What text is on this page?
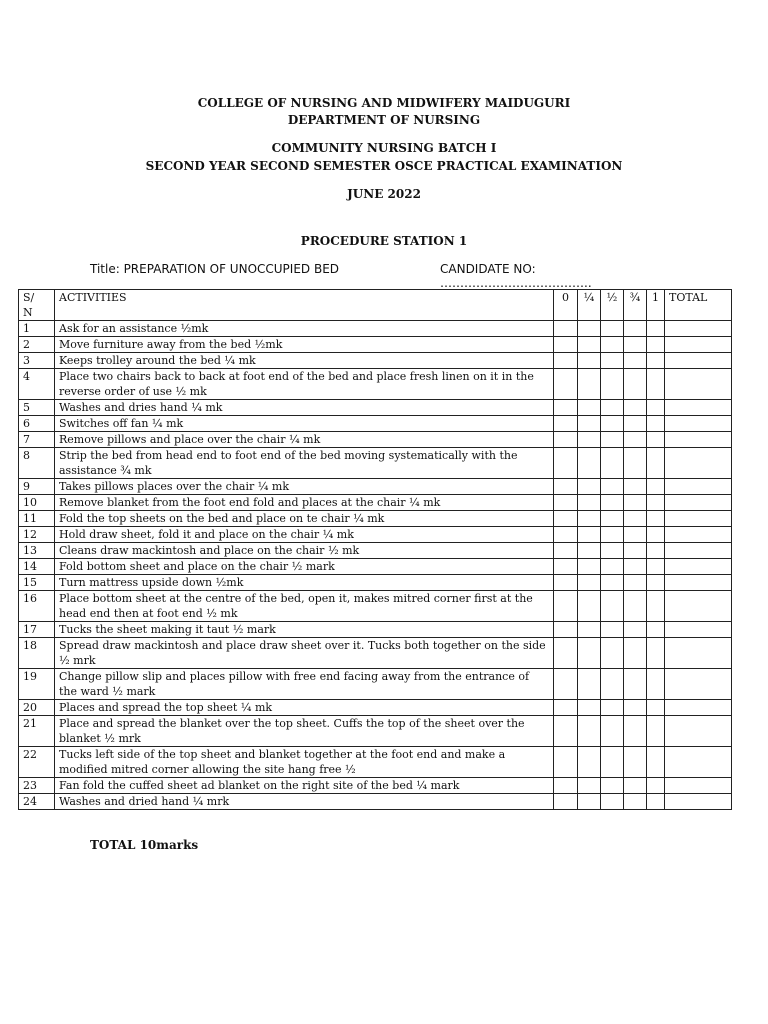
COLLEGE OF NURSING AND MIDWIFERY MAIDUGURI
DEPARTMENT OF NURSING
COMMUNITY NURSING BATCH I
SECOND YEAR SECOND SEMESTER OSCE PRACTICAL EXAMINATION
JUNE 2022
PROCEDURE STATION 1
Title: PREPARATION OF UNOCCUPIED BED	CANDIDATE NO: ………………………………..
S/
N	ACTIVITIES	0	¼	½	¾	1	TOTAL
1	Ask for an assistance ½mk						
2	Move furniture away from the bed ½mk						
3	Keeps trolley around the bed ¼ mk						
4	Place two chairs back to back at foot end of the bed and place fresh linen on it in the reverse order of use ½ mk						
5	Washes and dries hand ¼ mk						
6	Switches off fan ¼ mk						
7	Remove pillows and place over the chair ¼ mk						
8	Strip the bed from head end to foot end of the bed moving systematically with the assistance ¾ mk						
9	Takes pillows places over the chair ¼ mk						
10	Remove blanket from the foot end fold and places at the chair ¼ mk						
11	Fold the top sheets on the bed and place on te chair ¼ mk						
12	Hold draw sheet, fold it and place on the chair ¼ mk						
13	Cleans draw mackintosh and place on the chair ½ mk						
14	Fold bottom sheet and place on the chair ½ mark						
15	Turn mattress upside down ½mk						
16	Place bottom sheet at the centre of the bed, open it, makes mitred corner first at the head end then at foot end ½ mk						
17	Tucks the sheet making it taut ½ mark						
18	Spread draw mackintosh and place draw sheet over it. Tucks both together on the side ½ mrk						
19	Change pillow slip and places pillow with free end facing away from the entrance of the ward ½ mark						
20	Places and spread the top sheet ¼ mk						
21	Place and spread the blanket over the top sheet. Cuffs the top of the sheet over the blanket ½ mrk						
22	Tucks left side of the top sheet and blanket together at the foot end and make a modified mitred corner allowing the site hang free ½						
23	Fan fold the cuffed sheet ad blanket on the right site of the bed ¼ mark						
24	Washes and dried hand ¼ mrk						
TOTAL 10marks
